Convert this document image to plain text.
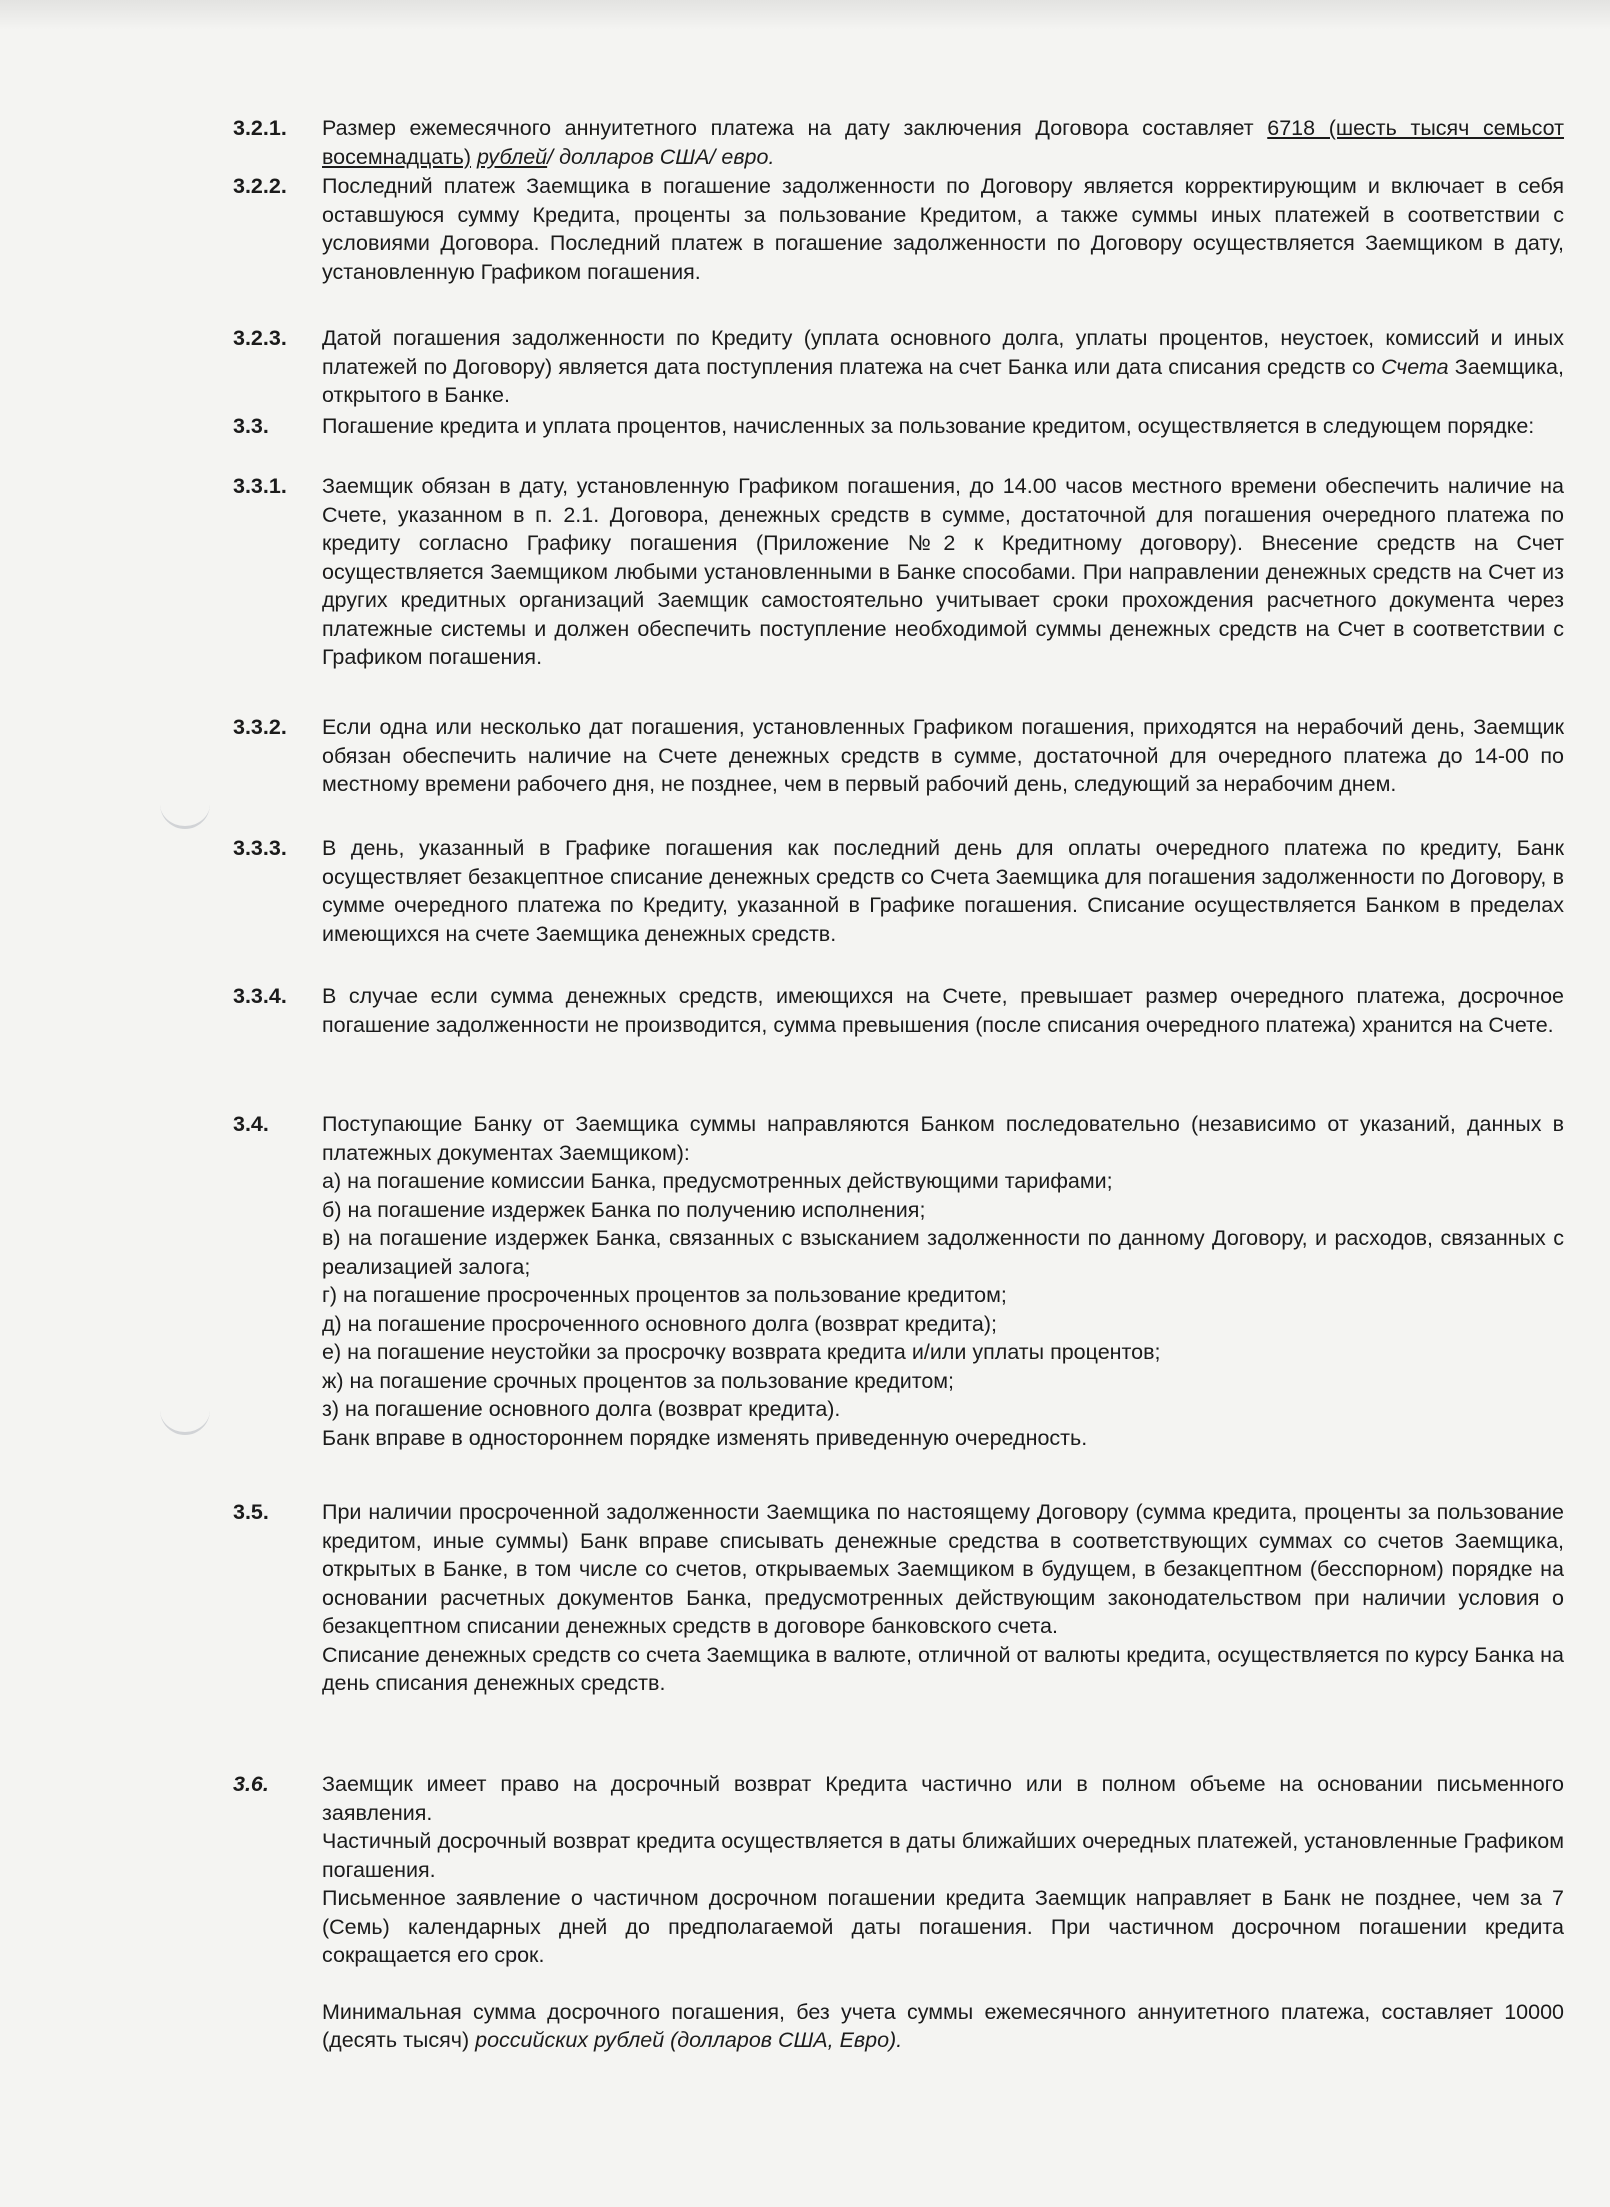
3.2.1. Размер ежемесячного аннуитетного платежа на дату заключения Договора составляет 6718 (шесть тысяч семьсот восемнадцать) рублей/ долларов США/ евро.

3.2.2. Последний платеж Заемщика в погашение задолженности по Договору является корректирующим и включает в себя оставшуюся сумму Кредита, проценты за пользование Кредитом, а также суммы иных платежей в соответствии с условиями Договора. Последний платеж в погашение задолженности по Договору осуществляется Заемщиком в дату, установленную Графиком погашения.

3.2.3. Датой погашения задолженности по Кредиту (уплата основного долга, уплаты процентов, неустоек, комиссий и иных платежей по Договору) является дата поступления платежа на счет Банка или дата списания средств со Счета Заемщика, открытого в Банке.

3.3. Погашение кредита и уплата процентов, начисленных за пользование кредитом, осуществляется в следующем порядке:

3.3.1. Заемщик обязан в дату, установленную Графиком погашения, до 14.00 часов местного времени обеспечить наличие на Счете, указанном в п. 2.1. Договора, денежных средств в сумме, достаточной для погашения очередного платежа по кредиту согласно Графику погашения (Приложение №2 к Кредитному договору). Внесение средств на Счет осуществляется Заемщиком любыми установленными в Банке способами. При направлении денежных средств на Счет из других кредитных организаций Заемщик самостоятельно учитывает сроки прохождения расчетного документа через платежные системы и должен обеспечить поступление необходимой суммы денежных средств на Счет в соответствии с Графиком погашения.

3.3.2. Если одна или несколько дат погашения, установленных Графиком погашения, приходятся на нерабочий день, Заемщик обязан обеспечить наличие на Счете денежных средств в сумме, достаточной для очередного платежа до 14-00 по местному времени рабочего дня, не позднее, чем в первый рабочий день, следующий за нерабочим днем.

3.3.3. В день, указанный в Графике погашения как последний день для оплаты очередного платежа по кредиту, Банк осуществляет безакцептное списание денежных средств со Счета Заемщика для погашения задолженности по Договору, в сумме очередного платежа по Кредиту, указанной в Графике погашения. Списание осуществляется Банком в пределах имеющихся на счете Заемщика денежных средств.

3.3.4. В случае если сумма денежных средств, имеющихся на Счете, превышает размер очередного платежа, досрочное погашение задолженности не производится, сумма превышения (после списания очередного платежа) хранится на Счете.

3.4. Поступающие Банку от Заемщика суммы направляются Банком последовательно (независимо от указаний, данных в платежных документах Заемщиком):

а) на погашение комиссии Банка, предусмотренных действующими тарифами;

б) на погашение издержек Банка по получению исполнения;

в) на погашение издержек Банка, связанных с взысканием задолженности по данному Договору, и расходов, связанных с реализацией залога;

г) на погашение просроченных процентов за пользование кредитом;

д) на погашение просроченного основного долга (возврат кредита);

е) на погашение неустойки за просрочку возврата кредита и/или уплаты процентов;

ж) на погашение срочных процентов за пользование кредитом;

з) на погашение основного долга (возврат кредита).

Банк вправе в одностороннем порядке изменять приведенную очередность.

3.5. При наличии просроченной задолженности Заемщика по настоящему Договору (сумма кредита, проценты за пользование кредитом, иные суммы) Банк вправе списывать денежные средства в соответствующих суммах со счетов Заемщика, открытых в Банке, в том числе со счетов, открываемых Заемщиком в будущем, в безакцептном (бесспорном) порядке на основании расчетных документов Банка, предусмотренных действующим законодательством при наличии условия о безакцептном списании денежных средств в договоре банковского счета.

Списание денежных средств со счета Заемщика в валюте, отличной от валюты кредита, осуществляется по курсу Банка на день списания денежных средств.

3.6. Заемщик имеет право на досрочный возврат Кредита частично или в полном объеме на основании письменного заявления.

Частичный досрочный возврат кредита осуществляется в даты ближайших очередных платежей, установленные Графиком погашения.

Письменное заявление о частичном досрочном погашении кредита Заемщик направляет в Банк не позднее, чем за 7 (Семь) календарных дней до предполагаемой даты погашения. При частичном досрочном погашении кредита сокращается его срок.

Минимальная сумма досрочного погашения, без учета суммы ежемесячного аннуитетного платежа, составляет 10000 (десять тысяч) российских рублей (долларов США, Евро).
